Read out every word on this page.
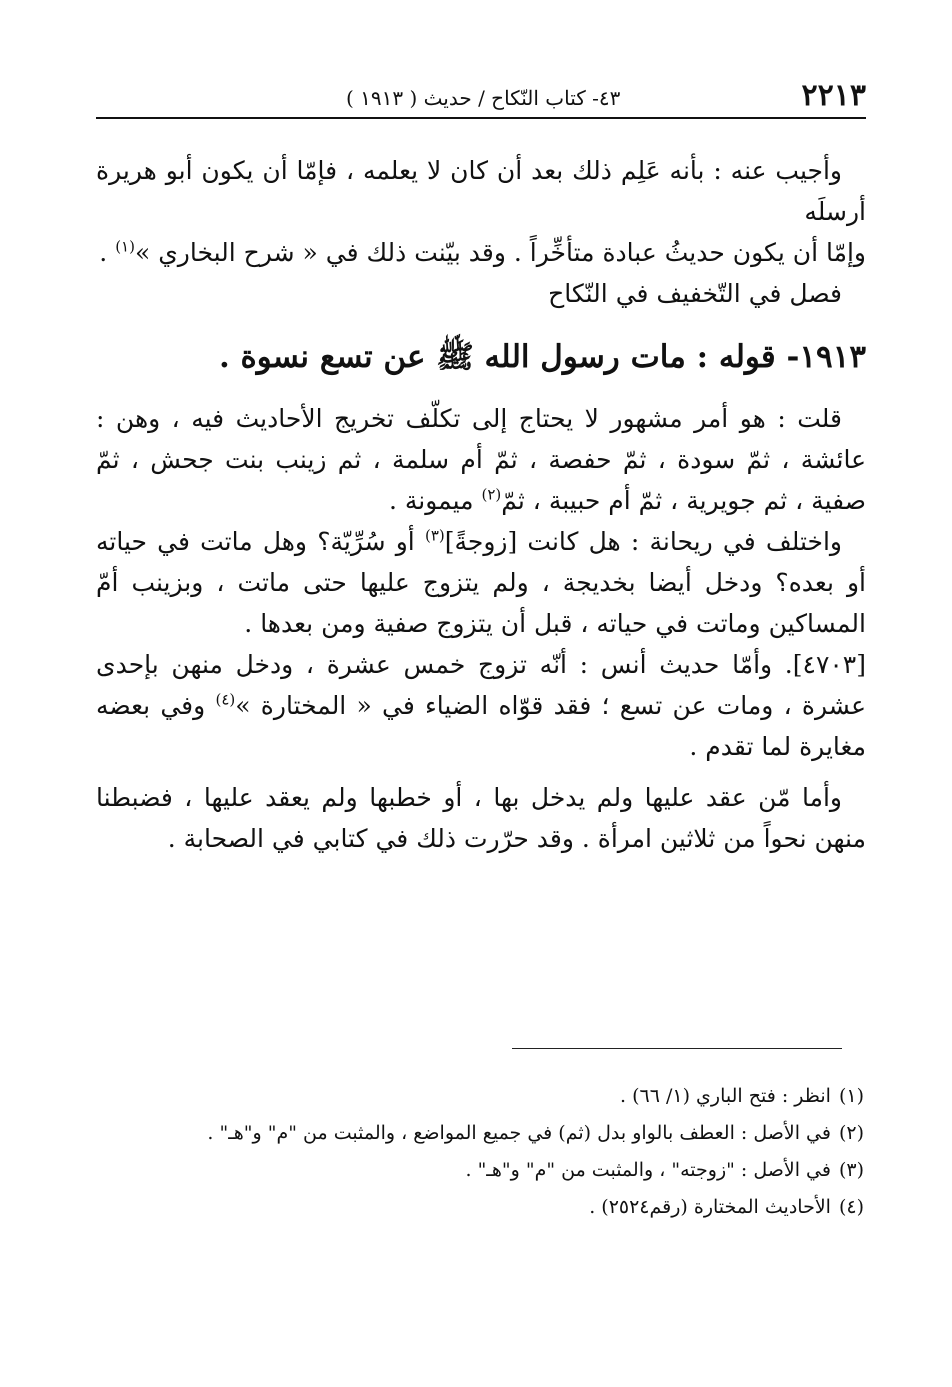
٢٢١٣
٤٣- كتاب النّكاح / حديث ( ١٩١٣ )

وأجيب عنه : بأنه عَلِم ذلك بعد أن كان لا يعلمه ، فإمّا أن يكون أبو هريرة أرسلَه
وإمّا أن يكون حديثُ عبادة متأخِّراً . وقد بيّنت ذلك في « شرح البخاري »$^{(١)}$ .

فصل في التّخفيف في النّكاح

١٩١٣- قوله : مات رسول الله ﷺ عن تسع نسوة .

قلت : هو أمر مشهور لا يحتاج إلى تكلّف تخريج الأحاديث فيه ، وهن : عائشة ، ثمّ سودة ، ثمّ حفصة ، ثمّ أم سلمة ، ثم زينب بنت جحش ، ثمّ صفية ، ثم جويرية ، ثمّ أم حبيبة ، ثمّ$^{(٢)}$ ميمونة .

واختلف في ريحانة : هل كانت [زوجةً]$^{(٣)}$ أو سُرِّيّة؟ وهل ماتت في حياته أو بعده؟ ودخل أيضا بخديجة ، ولم يتزوج عليها حتى ماتت ، وبزينب أمّ المساكين وماتت في حياته ، قبل أن يتزوج صفية ومن بعدها .

[٤٧٠٣]. وأمّا حديث أنس : أنّه تزوج خمس عشرة ، ودخل منهن بإحدى عشرة ، ومات عن تسع ؛ فقد قوّاه الضياء في « المختارة »$^{(٤)}$ وفي بعضه مغايرة لما تقدم .

وأما مّن عقد عليها ولم يدخل بها ، أو خطبها ولم يعقد عليها ، فضبطنا منهن نحواً من ثلاثين امرأة . وقد حرّرت ذلك في كتابي في الصحابة .

(١)انظر : فتح الباري (١/ ٦٦) .

(٢)في الأصل : العطف بالواو بدل (ثم) في جميع المواضع ، والمثبت من "م" و"هـ" .

(٣)في الأصل : "زوجته" ، والمثبت من "م" و"هـ" .

(٤)الأحاديث المختارة (رقم٢٥٢٤) .
